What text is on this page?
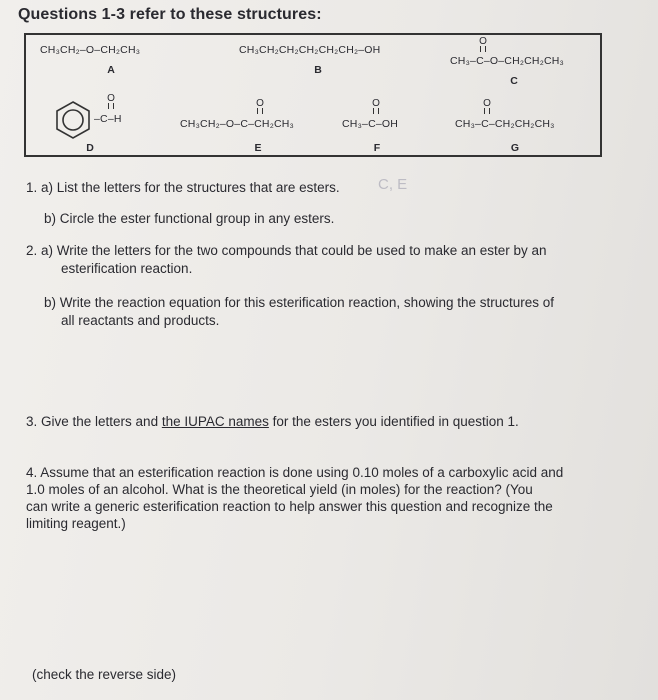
Questions 1-3 refer to these structures:
CH₃CH₂–O–CH₂CH₃
A
CH₃CH₂CH₂CH₂CH₂CH₂–OH
B
O
CH₃–C–O–CH₂CH₂CH₃
C
O
–C–H
D
O
CH₃CH₂–O–C–CH₂CH₃
E
O
CH₃–C–OH
F
O
CH₃–C–CH₂CH₂CH₃
G
1. a) List the letters for the structures that are esters.	C, E
b) Circle the ester functional group in any esters.
2. a) Write the letters for the two compounds that could be used to make an ester by an
esterification reaction.
b) Write the reaction equation for this esterification reaction, showing the structures of
all reactants and products.
3. Give the letters and the IUPAC names for the esters you identified in question 1.
4. Assume that an esterification reaction is done using 0.10 moles of a carboxylic acid and
1.0 moles of an alcohol. What is the theoretical yield (in moles) for the reaction? (You
can write a generic esterification reaction to help answer this question and recognize the
limiting reagent.)
(check the reverse side)
